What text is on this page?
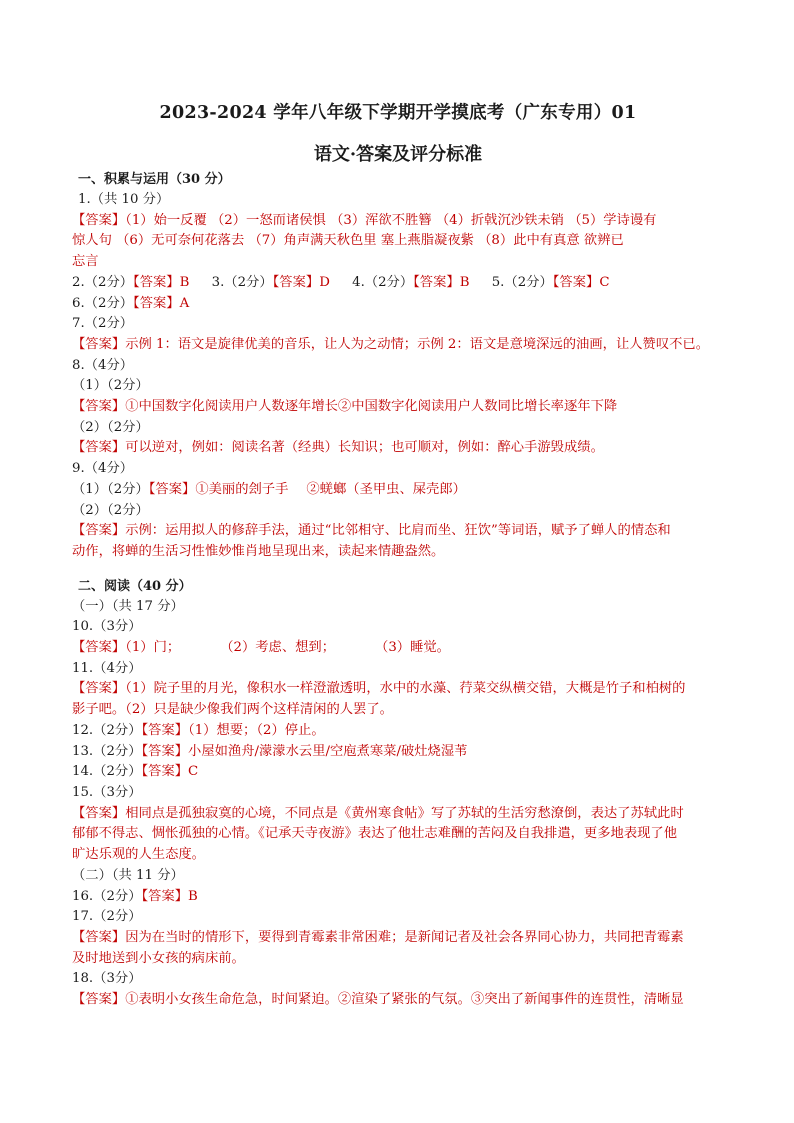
2023-2024 学年八年级下学期开学摸底考（广东专用）01
语文·答案及评分标准
一、积累与运用（30 分）
1.（共 10 分）
【答案】（1）始一反覆 （2）一怒而诸侯惧 （3）浑欲不胜簪 （4）折戟沉沙铁未销 （5）学诗谩有
惊人句 （6）无可奈何花落去 （7）角声满天秋色里 塞上燕脂凝夜紫 （8）此中有真意 欲辨已
忘言
2.（2分）【答案】B 3.（2分）【答案】D 4.（2分）【答案】B 5.（2分）【答案】C
6.（2分）【答案】A
7.（2分）
【答案】示例 1：语文是旋律优美的音乐，让人为之动情；示例 2：语文是意境深远的油画，让人赞叹不已。
8.（4分）
（1）（2分）
【答案】①中国数字化阅读用户人数逐年增长②中国数字化阅读用户人数同比增长率逐年下降
（2）（2分）
【答案】可以逆对，例如：阅读名著（经典）长知识；也可顺对，例如：醉心手游毁成绩。
9.（4分）
（1）（2分）【答案】①美丽的刽子手 ②蜣螂（圣甲虫、屎壳郎）
（2）（2分）
【答案】示例：运用拟人的修辞手法，通过“比邻相守、比肩而坐、狂饮”等词语，赋予了蝉人的情态和
动作，将蝉的生活习性惟妙惟肖地呈现出来，读起来情趣盎然。
二、阅读（40 分）
（一）（共 17 分）
10.（3分）
【答案】（1）门；	（2）考虑、想到；	（3）睡觉。
11.（4分）
【答案】（1）院子里的月光，像积水一样澄澈透明，水中的水藻、荇菜交纵横交错，大概是竹子和柏树的
影子吧。（2）只是缺少像我们两个这样清闲的人罢了。
12.（2分）【答案】（1）想要；（2）停止。
13.（2分）【答案】小屋如渔舟/濛濛水云里/空庖煮寒菜/破灶烧湿苇
14.（2分）【答案】C
15.（3分）
【答案】相同点是孤独寂寞的心境，不同点是《黄州寒食帖》写了苏轼的生活穷愁潦倒，表达了苏轼此时
郁郁不得志、惆怅孤独的心情。《记承天寺夜游》表达了他壮志难酬的苦闷及自我排遣，更多地表现了他
旷达乐观的人生态度。
（二）（共 11 分）
16.（2分）【答案】B
17.（2分）
【答案】因为在当时的情形下，要得到青霉素非常困难；是新闻记者及社会各界同心协力，共同把青霉素
及时地送到小女孩的病床前。
18.（3分）
【答案】①表明小女孩生命危急，时间紧迫。②渲染了紧张的气氛。③突出了新闻事件的连贯性，清晰显
